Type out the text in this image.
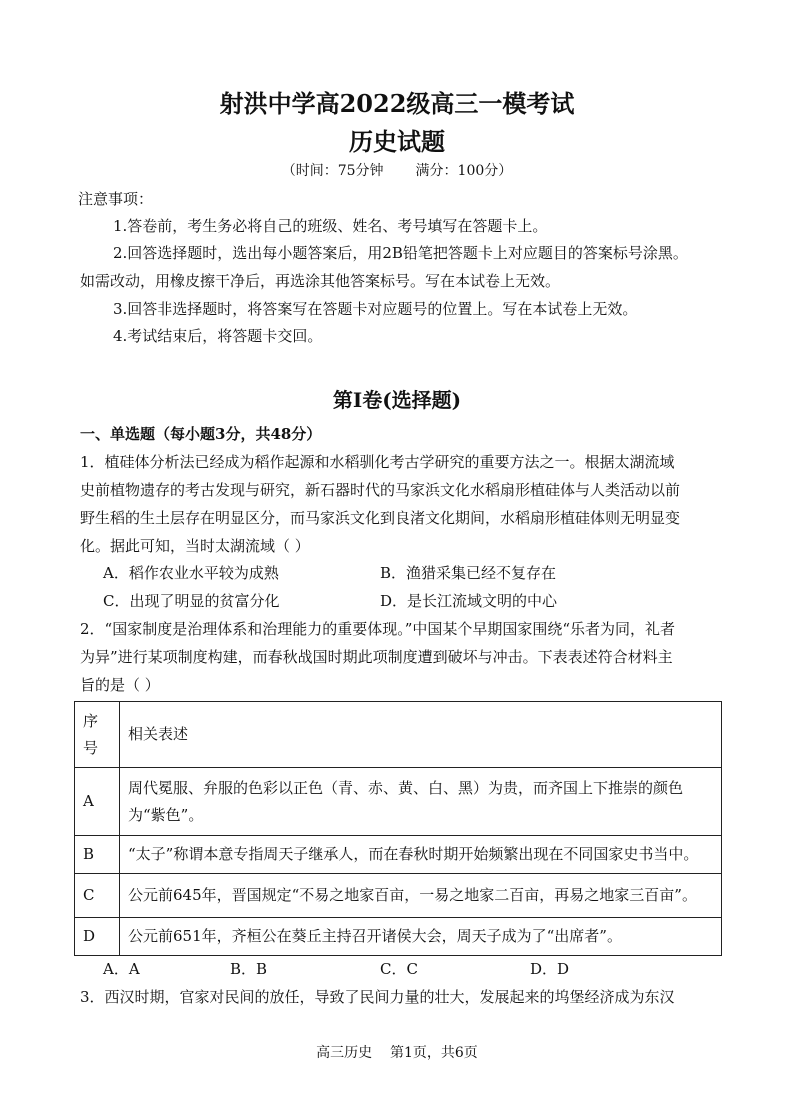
射洪中学高2022级高三一模考试
历史试题
（时间：75分钟 满分：100分）
注意事项：
1.答卷前，考生务必将自己的班级、姓名、考号填写在答题卡上。
2.回答选择题时，选出每小题答案后，用2B铅笔把答题卡上对应题目的答案标号涂黑。
如需改动，用橡皮擦干净后，再选涂其他答案标号。写在本试卷上无效。
3.回答非选择题时，将答案写在答题卡对应题号的位置上。写在本试卷上无效。
4.考试结束后，将答题卡交回。
第I卷(选择题)
一、单选题（每小题3分，共48分）
1．植硅体分析法已经成为稻作起源和水稻驯化考古学研究的重要方法之一。根据太湖流域
史前植物遗存的考古发现与研究，新石器时代的马家浜文化水稻扇形植硅体与人类活动以前
野生稻的生土层存在明显区分，而马家浜文化到良渚文化期间，水稻扇形植硅体则无明显变
化。据此可知，当时太湖流域（ ）
A．稻作农业水平较为成熟	B．渔猎采集已经不复存在
C．出现了明显的贫富分化	D．是长江流域文明的中心
2．“国家制度是治理体系和治理能力的重要体现。”中国某个早期国家围绕“乐者为同，礼者
为异”进行某项制度构建，而春秋战国时期此项制度遭到破坏与冲击。下表表述符合材料主
旨的是（ ）
序
号	相关表述
A	周代冕服、弁服的色彩以正色（青、赤、黄、白、黑）为贵，而齐国上下推崇的颜色
为“紫色”。

B	“太子”称谓本意专指周天子继承人，而在春秋时期开始频繁出现在不同国家史书当中。
C	公元前645年，晋国规定“不易之地家百亩，一易之地家二百亩，再易之地家三百亩”。
D	公元前651年，齐桓公在葵丘主持召开诸侯大会，周天子成为了“出席者”。
A．A	B．B	C．C	D．D
3．西汉时期，官家对民间的放任，导致了民间力量的壮大，发展起来的坞堡经济成为东汉
高三历史 第1页，共6页
